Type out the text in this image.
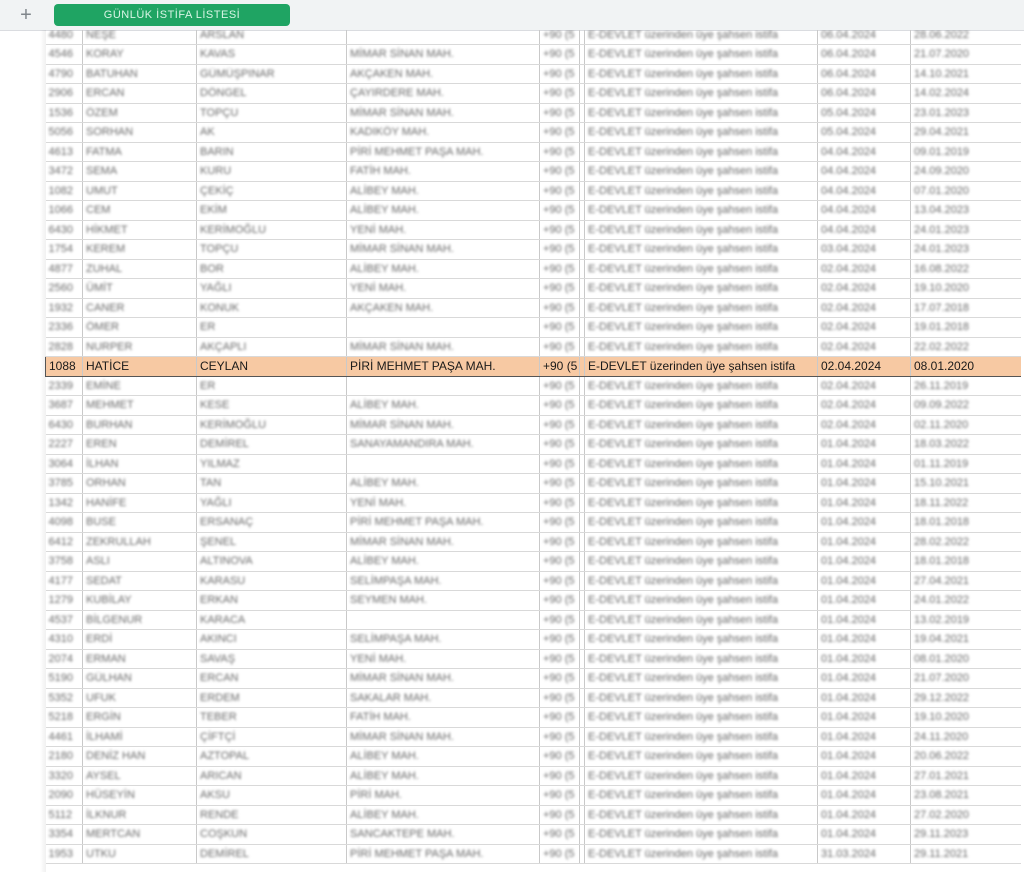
+	GÜNLÜK İSTİFA LİSTESİ
4480	NEŞE	ARSLAN		+90 (5		E-DEVLET üzerinden üye şahsen istifa	06.04.2024	28.06.2022
4546	KORAY	KAVAS	MİMAR SİNAN MAH.	+90 (5		E-DEVLET üzerinden üye şahsen istifa	06.04.2024	21.07.2020
4790	BATUHAN	GÜMÜŞPINAR	AKÇAKEN MAH.	+90 (5		E-DEVLET üzerinden üye şahsen istifa	06.04.2024	14.10.2021
2906	ERCAN	DÖNGEL	ÇAYIRDERE MAH.	+90 (5		E-DEVLET üzerinden üye şahsen istifa	06.04.2024	14.02.2024
1536	ÖZEM	TOPÇU	MİMAR SİNAN MAH.	+90 (5		E-DEVLET üzerinden üye şahsen istifa	05.04.2024	23.01.2023
5056	SORHAN	AK	KADIKÖY MAH.	+90 (5		E-DEVLET üzerinden üye şahsen istifa	05.04.2024	29.04.2021
4613	FATMA	BARIN	PİRİ MEHMET PAŞA MAH.	+90 (5		E-DEVLET üzerinden üye şahsen istifa	04.04.2024	09.01.2019
3472	SEMA	KURU	FATİH MAH.	+90 (5		E-DEVLET üzerinden üye şahsen istifa	04.04.2024	24.09.2020
1082	UMUT	ÇEKİÇ	ALİBEY MAH.	+90 (5		E-DEVLET üzerinden üye şahsen istifa	04.04.2024	07.01.2020
1066	CEM	EKİM	ALİBEY MAH.	+90 (5		E-DEVLET üzerinden üye şahsen istifa	04.04.2024	13.04.2023
6430	HİKMET	KERİMOĞLU	YENİ MAH.	+90 (5		E-DEVLET üzerinden üye şahsen istifa	04.04.2024	24.01.2023
1754	KEREM	TOPÇU	MİMAR SİNAN MAH.	+90 (5		E-DEVLET üzerinden üye şahsen istifa	03.04.2024	24.01.2023
4877	ZUHAL	BOR	ALİBEY MAH.	+90 (5		E-DEVLET üzerinden üye şahsen istifa	02.04.2024	16.08.2022
2560	ÜMİT	YAĞLI	YENİ MAH.	+90 (5		E-DEVLET üzerinden üye şahsen istifa	02.04.2024	19.10.2020
1932	CANER	KONUK	AKÇAKEN MAH.	+90 (5		E-DEVLET üzerinden üye şahsen istifa	02.04.2024	17.07.2018
2336	ÖMER	ER		+90 (5		E-DEVLET üzerinden üye şahsen istifa	02.04.2024	19.01.2018
2828	NURPER	AKÇAPLI	MİMAR SİNAN MAH.	+90 (5		E-DEVLET üzerinden üye şahsen istifa	02.04.2024	22.02.2022
1088	HATİCE	CEYLAN	PİRİ MEHMET PAŞA MAH.	+90 (5		E-DEVLET üzerinden üye şahsen istifa	02.04.2024	08.01.2020
2339	EMİNE	ER		+90 (5		E-DEVLET üzerinden üye şahsen istifa	02.04.2024	26.11.2019
3687	MEHMET	KESE	ALİBEY MAH.	+90 (5		E-DEVLET üzerinden üye şahsen istifa	02.04.2024	09.09.2022
6430	BURHAN	KERİMOĞLU	MİMAR SİNAN MAH.	+90 (5		E-DEVLET üzerinden üye şahsen istifa	02.04.2024	02.11.2020
2227	EREN	DEMİREL	SANAYAMANDIRA MAH.	+90 (5		E-DEVLET üzerinden üye şahsen istifa	01.04.2024	18.03.2022
3064	İLHAN	YILMAZ		+90 (5		E-DEVLET üzerinden üye şahsen istifa	01.04.2024	01.11.2019
3785	ORHAN	TAN	ALİBEY MAH.	+90 (5		E-DEVLET üzerinden üye şahsen istifa	01.04.2024	15.10.2021
1342	HANİFE	YAĞLI	YENİ MAH.	+90 (5		E-DEVLET üzerinden üye şahsen istifa	01.04.2024	18.11.2022
4098	BUSE	ERSANAÇ	PİRİ MEHMET PAŞA MAH.	+90 (5		E-DEVLET üzerinden üye şahsen istifa	01.04.2024	18.01.2018
6412	ZEKRULLAH	ŞENEL	MİMAR SİNAN MAH.	+90 (5		E-DEVLET üzerinden üye şahsen istifa	01.04.2024	28.02.2022
3758	ASLI	ALTINOVA	ALİBEY MAH.	+90 (5		E-DEVLET üzerinden üye şahsen istifa	01.04.2024	18.01.2018
4177	SEDAT	KARASU	SELİMPAŞA MAH.	+90 (5		E-DEVLET üzerinden üye şahsen istifa	01.04.2024	27.04.2021
1279	KUBİLAY	ERKAN	SEYMEN MAH.	+90 (5		E-DEVLET üzerinden üye şahsen istifa	01.04.2024	24.01.2022
4537	BİLGENUR	KARACA		+90 (5		E-DEVLET üzerinden üye şahsen istifa	01.04.2024	13.02.2019
4310	ERDİ	AKINCI	SELİMPAŞA MAH.	+90 (5		E-DEVLET üzerinden üye şahsen istifa	01.04.2024	19.04.2021
2074	ERMAN	SAVAŞ	YENİ MAH.	+90 (5		E-DEVLET üzerinden üye şahsen istifa	01.04.2024	08.01.2020
5190	GÜLHAN	ERCAN	MİMAR SİNAN MAH.	+90 (5		E-DEVLET üzerinden üye şahsen istifa	01.04.2024	21.07.2020
5352	UFUK	ERDEM	SAKALAR MAH.	+90 (5		E-DEVLET üzerinden üye şahsen istifa	01.04.2024	29.12.2022
5218	ERGİN	TEBER	FATİH MAH.	+90 (5		E-DEVLET üzerinden üye şahsen istifa	01.04.2024	19.10.2020
4461	İLHAMİ	ÇİFTÇİ	MİMAR SİNAN MAH.	+90 (5		E-DEVLET üzerinden üye şahsen istifa	01.04.2024	24.11.2020
2180	DENİZ HAN	AZTOPAL	ALİBEY MAH.	+90 (5		E-DEVLET üzerinden üye şahsen istifa	01.04.2024	20.06.2022
3320	AYSEL	ARICAN	ALİBEY MAH.	+90 (5		E-DEVLET üzerinden üye şahsen istifa	01.04.2024	27.01.2021
2090	HÜSEYİN	AKSU	PİRİ MAH.	+90 (5		E-DEVLET üzerinden üye şahsen istifa	01.04.2024	23.08.2021
5112	İLKNUR	RENDE	ALİBEY MAH.	+90 (5		E-DEVLET üzerinden üye şahsen istifa	01.04.2024	27.02.2020
3354	MERTCAN	COŞKUN	SANCAKTEPE MAH.	+90 (5		E-DEVLET üzerinden üye şahsen istifa	01.04.2024	29.11.2023
1953	UTKU	DEMİREL	PİRİ MEHMET PAŞA MAH.	+90 (5		E-DEVLET üzerinden üye şahsen istifa	31.03.2024	29.11.2021
